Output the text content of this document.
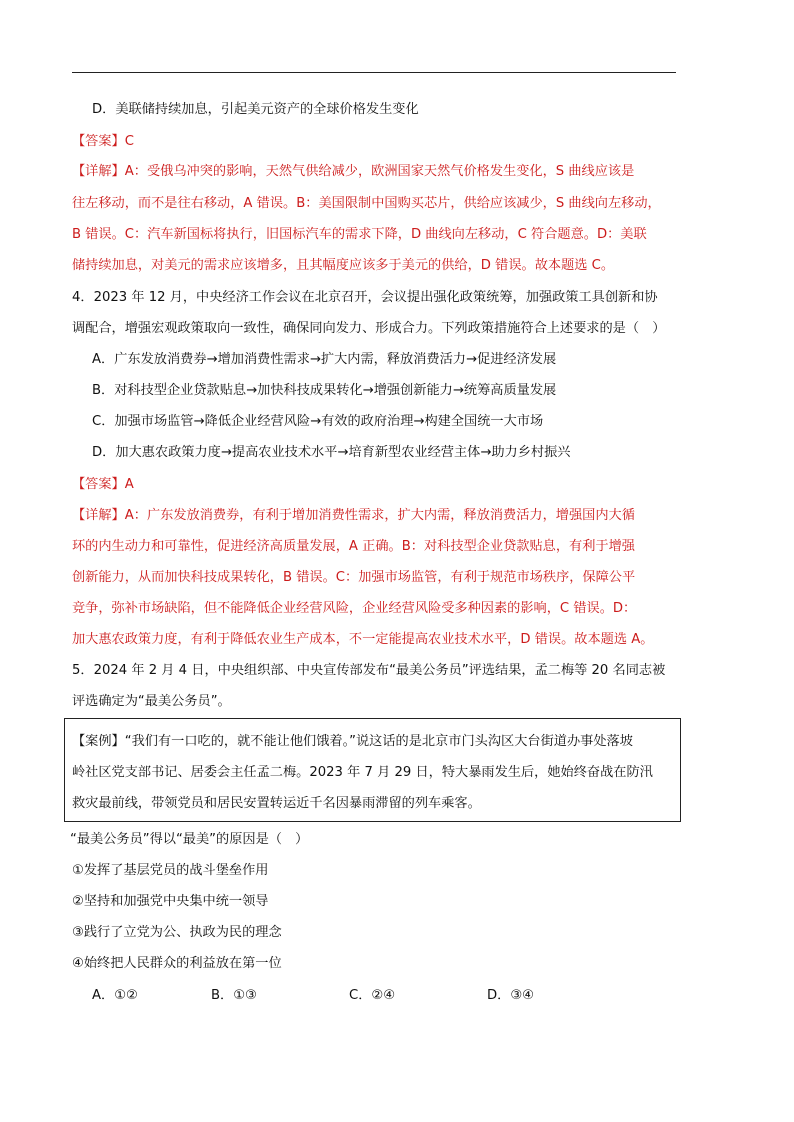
D．美联储持续加息，引起美元资产的全球价格发生变化
【答案】C
【详解】A：受俄乌冲突的影响，天然气供给减少，欧洲国家天然气价格发生变化，S 曲线应该是
往左移动，而不是往右移动，A 错误。B：美国限制中国购买芯片，供给应该减少，S 曲线向左移动，
B 错误。C：汽车新国标将执行，旧国标汽车的需求下降，D 曲线向左移动，C 符合题意。D：美联
储持续加息，对美元的需求应该增多，且其幅度应该多于美元的供给，D 错误。故本题选 C。
4．2023 年 12 月，中央经济工作会议在北京召开，会议提出强化政策统筹，加强政策工具创新和协
调配合，增强宏观政策取向一致性，确保同向发力、形成合力。下列政策措施符合上述要求的是（　）
A．广东发放消费券→增加消费性需求→扩大内需，释放消费活力→促进经济发展
B．对科技型企业贷款贴息→加快科技成果转化→增强创新能力→统筹高质量发展
C．加强市场监管→降低企业经营风险→有效的政府治理→构建全国统一大市场
D．加大惠农政策力度→提高农业技术水平→培育新型农业经营主体→助力乡村振兴
【答案】A
【详解】A：广东发放消费券，有利于增加消费性需求，扩大内需，释放消费活力，增强国内大循
环的内生动力和可靠性，促进经济高质量发展，A 正确。B：对科技型企业贷款贴息，有利于增强
创新能力，从而加快科技成果转化，B 错误。C：加强市场监管，有利于规范市场秩序，保障公平
竞争，弥补市场缺陷，但不能降低企业经营风险，企业经营风险受多种因素的影响，C 错误。D：
加大惠农政策力度，有利于降低农业生产成本，不一定能提高农业技术水平，D 错误。故本题选 A。
5．2024 年 2 月 4 日，中央组织部、中央宣传部发布“最美公务员”评选结果，孟二梅等 20 名同志被
评选确定为“最美公务员”。
【案例】“我们有一口吃的，就不能让他们饿着。”说这话的是北京市门头沟区大台街道办事处落坡
岭社区党支部书记、居委会主任孟二梅。2023 年 7 月 29 日，特大暴雨发生后，她始终奋战在防汛
救灾最前线，带领党员和居民安置转运近千名因暴雨滞留的列车乘客。
“最美公务员”得以“最美”的原因是（　）
①发挥了基层党员的战斗堡垒作用
②坚持和加强党中央集中统一领导
③践行了立党为公、执政为民的理念
④始终把人民群众的利益放在第一位
A．①②	B．①③	C．②④	D．③④
